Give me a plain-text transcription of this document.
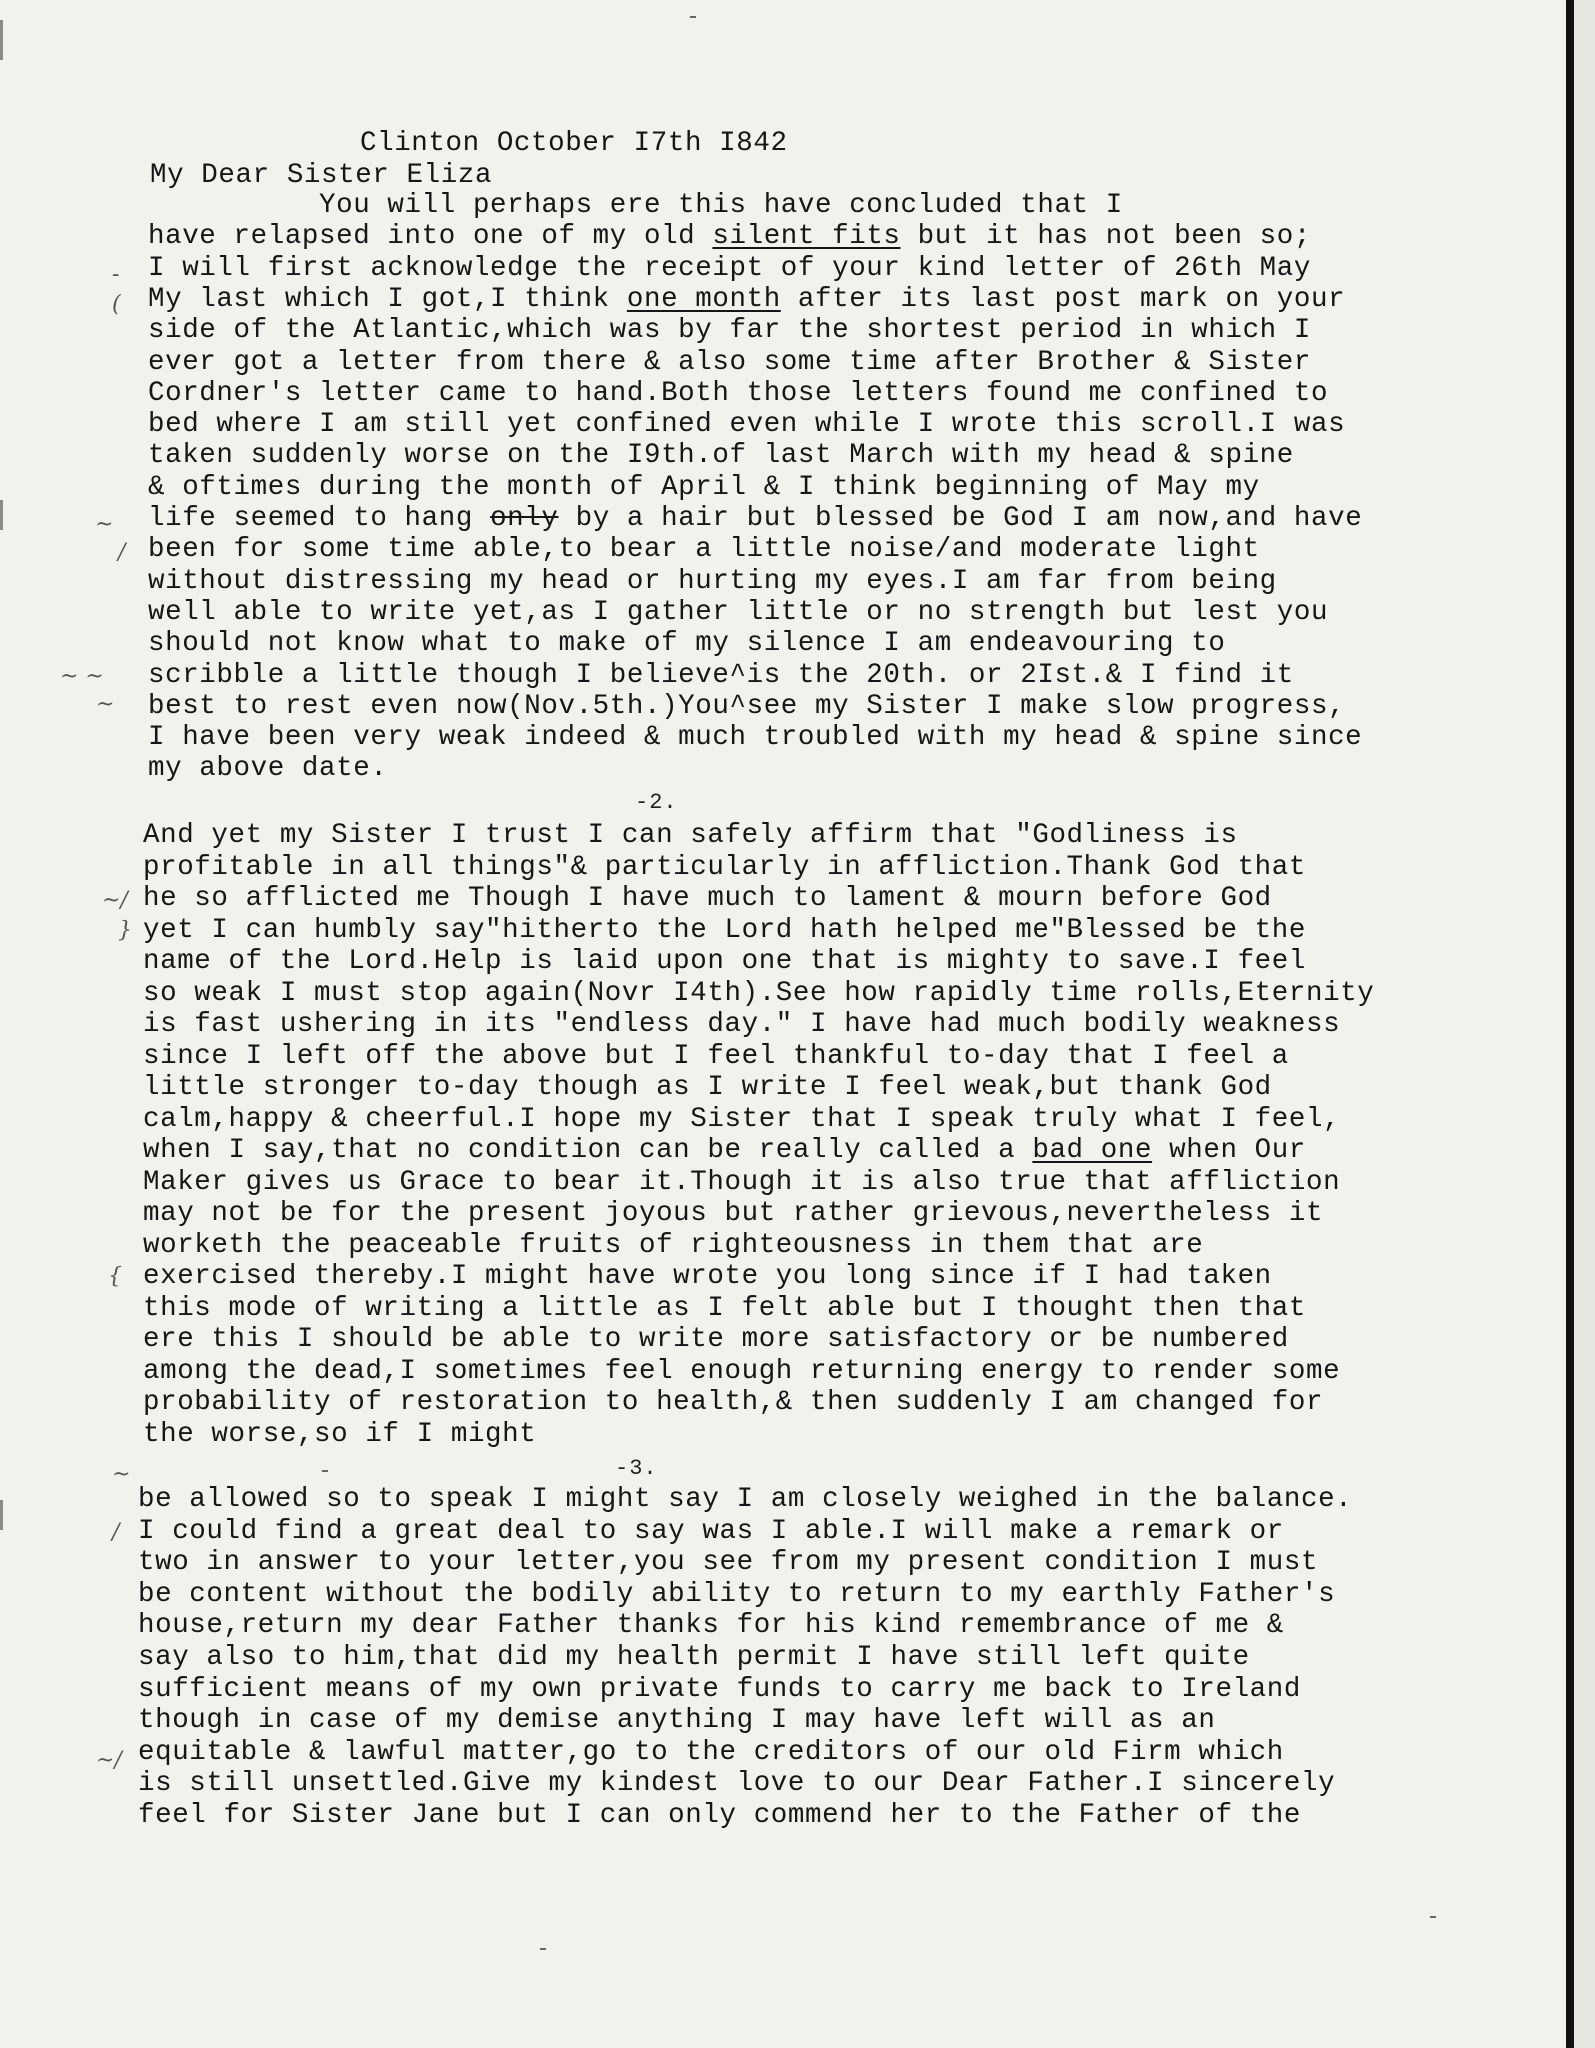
Clinton October I7th I842

My Dear Sister Eliza

You will perhaps ere this have concluded that I
have relapsed into one of my old silent fits but it has not been so;
I will first acknowledge the receipt of your kind letter of 26th May
My last which I got,I think one month after its last post mark on your
side of the Atlantic,which was by far the shortest period in which I
ever got a letter from there & also some time after Brother & Sister
Cordner's letter came to hand.Both those letters found me confined to
bed where I am still yet confined even while I wrote this scroll.I was
taken suddenly worse on the I9th.of last March with my head & spine
& oftimes during the month of April & I think beginning of May my
life seemed to hang only by a hair but blessed be God I am now,and have
been for some time able,to bear a little noise/and moderate light
without distressing my head or hurting my eyes.I am far from being
well able to write yet,as I gather little or no strength but lest you
should not know what to make of my silence I am endeavouring to
scribble a little though I believe^is the 20th. or 2Ist.& I find it
best to rest even now(Nov.5th.)You^see my Sister I make slow progress,
I have been very weak indeed & much troubled with my head & spine since
my above date.

-2.

And yet my Sister I trust I can safely affirm that "Godliness is
profitable in all things"& particularly in affliction.Thank God that
he so afflicted me Though I have much to lament & mourn before God
yet I can humbly say"hitherto the Lord hath helped me"Blessed be the
name of the Lord.Help is laid upon one that is mighty to save.I feel
so weak I must stop again(Novr I4th).See how rapidly time rolls,Eternity
is fast ushering in its "endless day." I have had much bodily weakness
since I left off the above but I feel thankful to-day that I feel a
little stronger to-day though as I write I feel weak,but thank God
calm,happy & cheerful.I hope my Sister that I speak truly what I feel,
when I say,that no condition can be really called a bad one when Our
Maker gives us Grace to bear it.Though it is also true that affliction
may not be for the present joyous but rather grievous,nevertheless it
worketh the peaceable fruits of righteousness in them that are
exercised thereby.I might have wrote you long since if I had taken
this mode of writing a little as I felt able but I thought then that
ere this I should be able to write more satisfactory or be numbered
among the dead,I sometimes feel enough returning energy to render some
probability of restoration to health,& then suddenly I am changed for
the worse,so if I might

-3.

be allowed so to speak I might say I am closely weighed in the balance.
I could find a great deal to say was I able.I will make a remark or
two in answer to your letter,you see from my present condition I must
be content without the bodily ability to return to my earthly Father's
house,return my dear Father thanks for his kind remembrance of me &
say also to him,that did my health permit I have still left quite
sufficient means of my own private funds to carry me back to Ireland
though in case of my demise anything I may have left will as an
equitable & lawful matter,go to the creditors of our old Firm which
is still unsettled.Give my kindest love to our Dear Father.I sincerely
feel for Sister Jane but I can only commend her to the Father of the

-
(
~
/
~ ~
~
~/
}
{
~
/
~/
